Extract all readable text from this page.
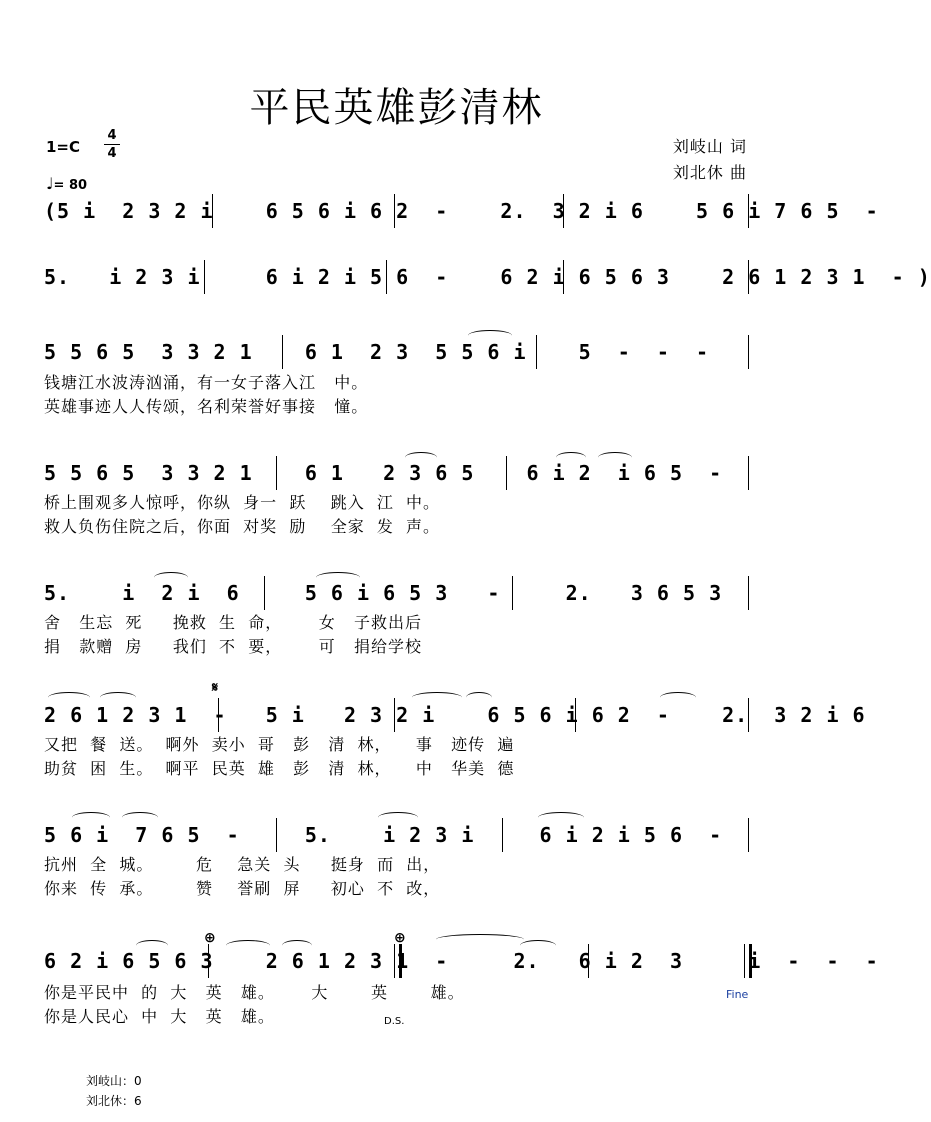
平民英雄彭清林
1=C
4
4
♩= 80
刘岐山 词
刘北休 曲
(5 i  2 3 2 i    6 5 6 i 6 2  -    2.  3 2 i 6    5 6 i 7 6 5  -
5.   i 2 3 i     6 i 2 i 5 6  -    6 2 i 6 5 6 3    2 6 1 2 3 1  - )
5 5 6 5  3 3 2 1    6 1  2 3  5 5 6 i    5  -  -  -
5 5 6 5  3 3 2 1    6 1   2 3 6 5    6 i 2  i 6 5  -
5.    i  2 i  6     5 6 i 6 5 3   -     2.   3 6 5 3
2 6 1 2 3 1  -   5 i   2 3 2 i    6 5 6 i 6 2  -    2.  3 2 i 6
5 6 i  7 6 5  -     5.    i 2 3 i     6 i 2 i 5 6  -
6 2 i 6 5 6 3    2 6 1 2 3 1  -     2.   6 i 2  3     i  -  -  -
钱塘江水波涛汹涌，有一女子落入江   中。
英雄事迹人人传颂，名利荣誉好事接   憧。
桥上围观多人惊呼，你纵  身一  跃    跳入  江  中。
救人负伤住院之后，你面  对奖  励    全家  发  声。
舍   生忘  死     挽救  生  命，      女   子救出后
捐   款赠  房     我们  不  要，      可   捐给学校
又把  餐  送。  啊外  卖小  哥   彭   清  林，    事   迹传  遍
助贫  困  生。  啊平  民英  雄   彭   清  林，    中   华美  德
抗州  全  城。       危    急关  头     挺身  而  出，
你来  传  承。       赞    誉刷  屏     初心  不  改，
你是平民中  的  大   英   雄。      大       英       雄。
你是人民心  中  大   英   雄。
𝄋
⊕	⊕
Fine
D.S.
刘岐山：0
刘北休：6
